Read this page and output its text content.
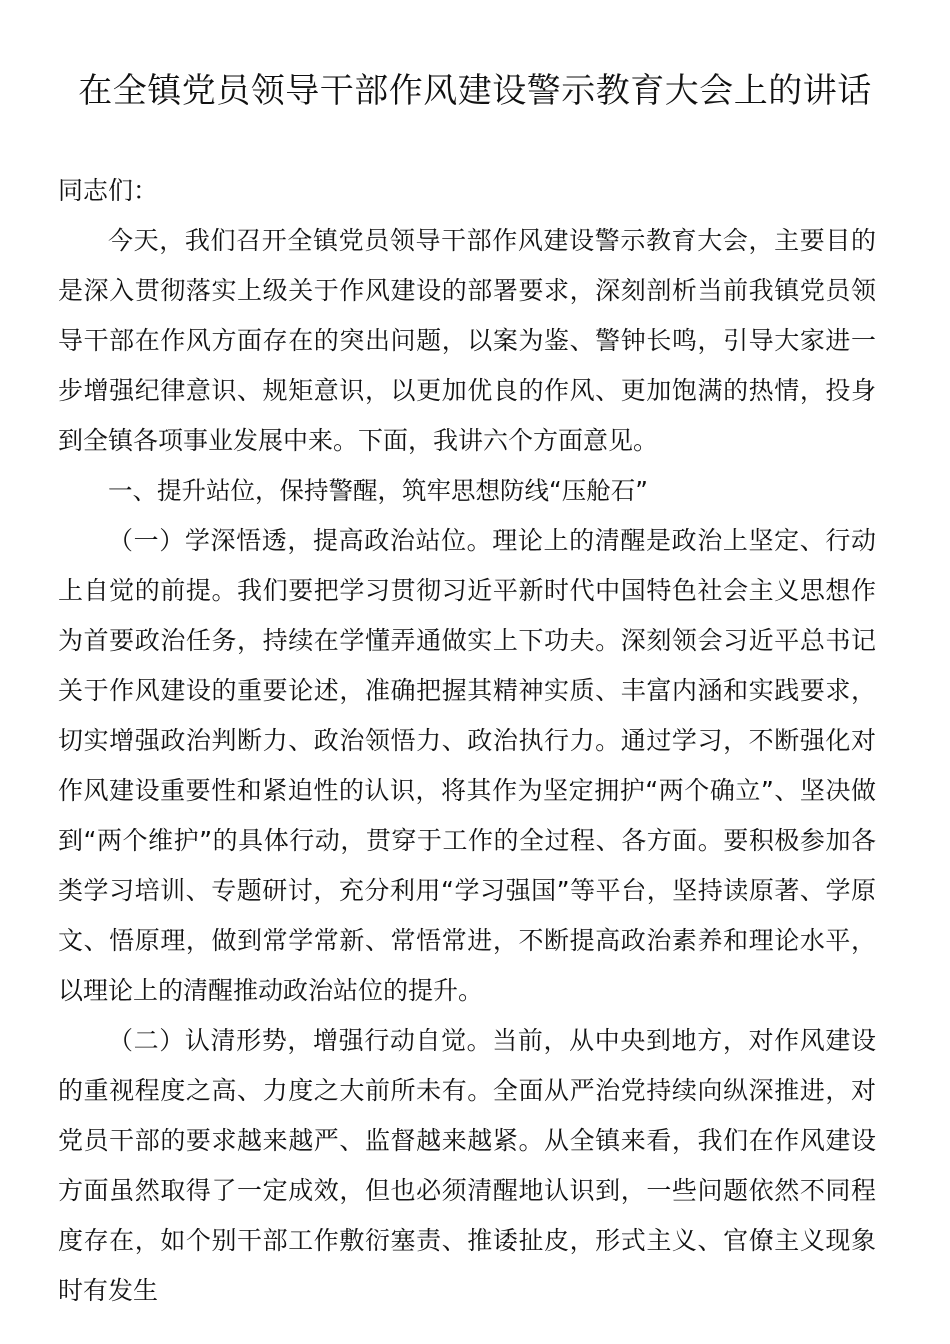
在全镇党员领导干部作风建设警示教育大会上的讲话

同志们：

今天，我们召开全镇党员领导干部作风建设警示教育大会，主要目的是深入贯彻落实上级关于作风建设的部署要求，深刻剖析当前我镇党员领导干部在作风方面存在的突出问题，以案为鉴、警钟长鸣，引导大家进一步增强纪律意识、规矩意识，以更加优良的作风、更加饱满的热情，投身到全镇各项事业发展中来。下面，我讲六个方面意见。

一、提升站位，保持警醒，筑牢思想防线“压舱石”

（一）学深悟透，提高政治站位。理论上的清醒是政治上坚定、行动上自觉的前提。我们要把学习贯彻习近平新时代中国特色社会主义思想作为首要政治任务，持续在学懂弄通做实上下功夫。深刻领会习近平总书记关于作风建设的重要论述，准确把握其精神实质、丰富内涵和实践要求，切实增强政治判断力、政治领悟力、政治执行力。通过学习，不断强化对作风建设重要性和紧迫性的认识，将其作为坚定拥护“两个确立”、坚决做到“两个维护”的具体行动，贯穿于工作的全过程、各方面。要积极参加各类学习培训、专题研讨，充分利用“学习强国”等平台，坚持读原著、学原文、悟原理，做到常学常新、常悟常进，不断提高政治素养和理论水平，以理论上的清醒推动政治站位的提升。

（二）认清形势，增强行动自觉。当前，从中央到地方，对作风建设的重视程度之高、力度之大前所未有。全面从严治党持续向纵深推进，对党员干部的要求越来越严、监督越来越紧。从全镇来看，我们在作风建设方面虽然取得了一定成效，但也必须清醒地认识到，一些问题依然不同程度存在，如个别干部工作敷衍塞责、推诿扯皮，形式主义、官僚主义现象时有发生
